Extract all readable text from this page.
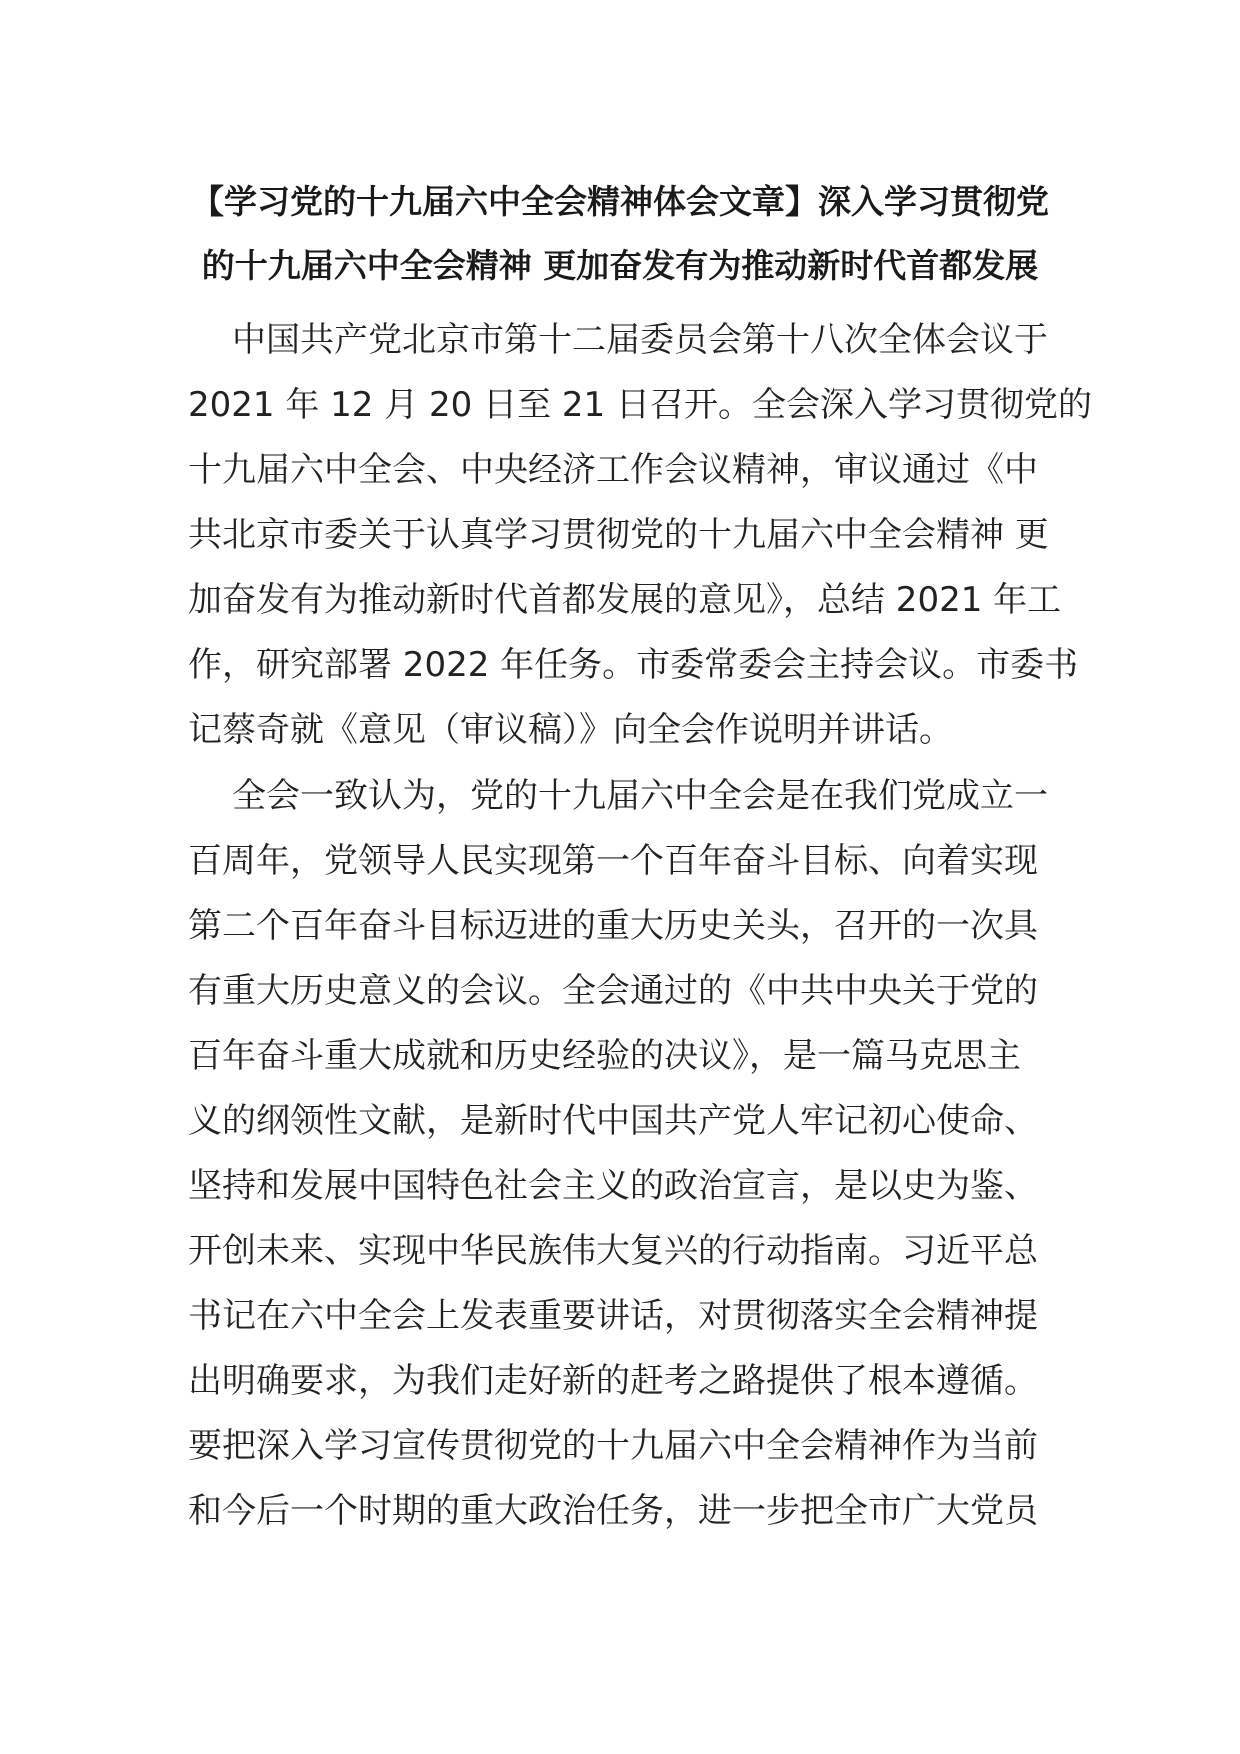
【学习党的十九届六中全会精神体会文章】深入学习贯彻党
的十九届六中全会精神 更加奋发有为推动新时代首都发展

中国共产党北京市第十二届委员会第十八次全体会议于
2021 年 12 月 20 日至 21 日召开。全会深入学习贯彻党的
十九届六中全会、中央经济工作会议精神，审议通过《中
共北京市委关于认真学习贯彻党的十九届六中全会精神 更
加奋发有为推动新时代首都发展的意见》，总结 2021 年工
作，研究部署 2022 年任务。市委常委会主持会议。市委书
记蔡奇就《意见（审议稿）》向全会作说明并讲话。

全会一致认为，党的十九届六中全会是在我们党成立一
百周年，党领导人民实现第一个百年奋斗目标、向着实现
第二个百年奋斗目标迈进的重大历史关头，召开的一次具
有重大历史意义的会议。全会通过的《中共中央关于党的
百年奋斗重大成就和历史经验的决议》，是一篇马克思主
义的纲领性文献，是新时代中国共产党人牢记初心使命、
坚持和发展中国特色社会主义的政治宣言，是以史为鉴、
开创未来、实现中华民族伟大复兴的行动指南。习近平总
书记在六中全会上发表重要讲话，对贯彻落实全会精神提
出明确要求，为我们走好新的赶考之路提供了根本遵循。
要把深入学习宣传贯彻党的十九届六中全会精神作为当前
和今后一个时期的重大政治任务，进一步把全市广大党员
